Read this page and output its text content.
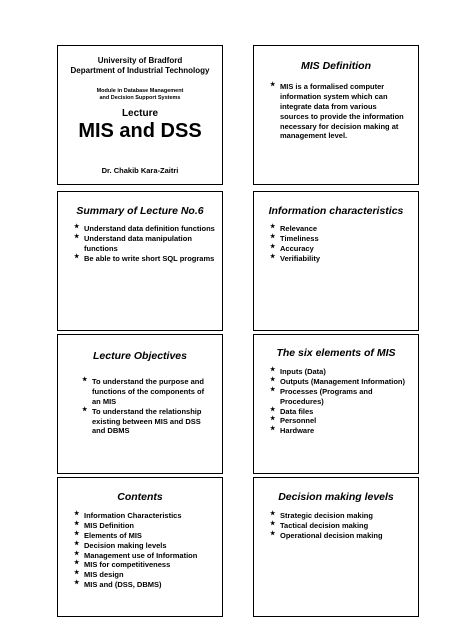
University of Bradford
Department of Industrial Technology
Module in Database Management
and Decision Support Systems
Lecture
MIS and DSS
Dr. Chakib Kara-Zaitri
MIS Definition
★ MIS is a formalised computer information system which can integrate data from various sources to provide the information necessary for decision making at management level.
Summary of Lecture No.6
★ Understand data definition functions
★ Understand data manipulation functions
★ Be able to write short SQL programs
Information characteristics
★ Relevance
★ Timeliness
★ Accuracy
★ Verifiability
Lecture Objectives
★ To understand the purpose and functions of the components of an MIS
★ To understand the relationship existing between MIS and DSS and DBMS
The six elements of MIS
★ Inputs (Data)
★ Outputs (Management Information)
★ Processes (Programs and Procedures)
★ Data files
★ Personnel
★ Hardware
Contents
★ Information Characteristics
★ MIS Definition
★ Elements of MIS
★ Decision making levels
★ Management use of Information
★ MIS for competitiveness
★ MIS design
★ MIS and (DSS, DBMS)
Decision making levels
★ Strategic decision making
★ Tactical decision making
★ Operational decision making
